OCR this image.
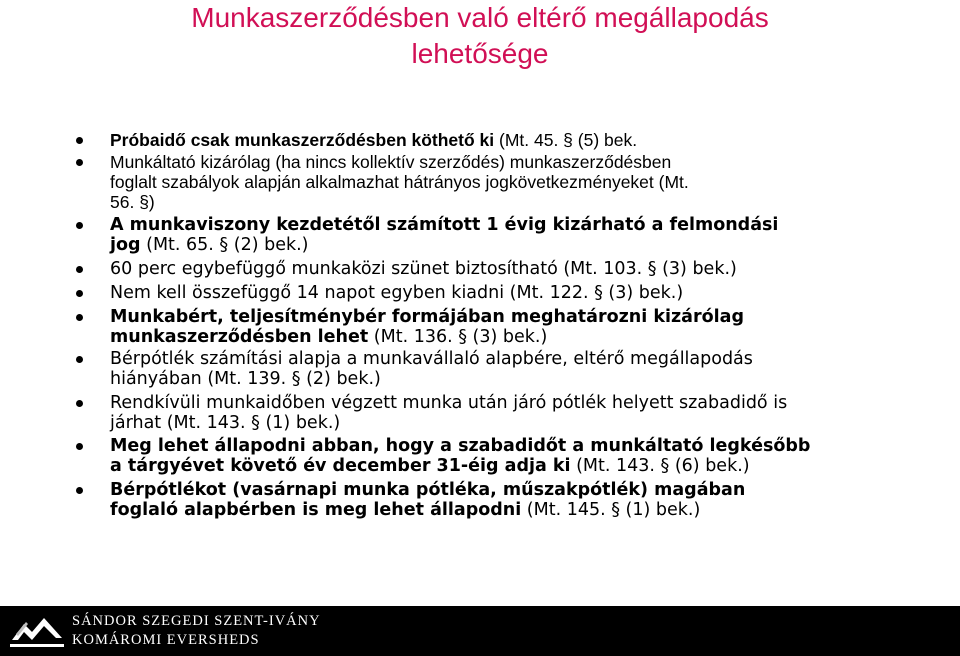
Munkaszerződésben való eltérő megállapodás
lehetősége
Próbaidő csak munkaszerződésben köthető ki (Mt. 45. § (5) bek.
Munkáltató kizárólag (ha nincs kollektív szerződés) munkaszerződésben
foglalt szabályok alapján alkalmazhat hátrányos jogkövetkezményeket (Mt.
56. §)
A munkaviszony kezdetétől számított 1 évig kizárható a felmondási
jog (Mt. 65. § (2) bek.)
60 perc egybefüggő munkaközi szünet biztosítható (Mt. 103. § (3) bek.)
Nem kell összefüggő 14 napot egyben kiadni (Mt. 122. § (3) bek.)
Munkabért, teljesítménybér formájában meghatározni kizárólag
munkaszerződésben lehet (Mt. 136. § (3) bek.)
Bérpótlék számítási alapja a munkavállaló alapbére, eltérő megállapodás
hiányában (Mt. 139. § (2) bek.)
Rendkívüli munkaidőben végzett munka után járó pótlék helyett szabadidő is
járhat (Mt. 143. § (1) bek.)
Meg lehet állapodni abban, hogy a szabadidőt a munkáltató legkésőbb
a tárgyévet követő év december 31-éig adja ki (Mt. 143. § (6) bek.)
Bérpótlékot (vasárnapi munka pótléka, műszakpótlék) magában
foglaló alapbérben is meg lehet állapodni (Mt. 145. § (1) bek.)
SÁNDOR SZEGEDI SZENT-IVÁNY
KOMÁROMI EVERSHEDS
